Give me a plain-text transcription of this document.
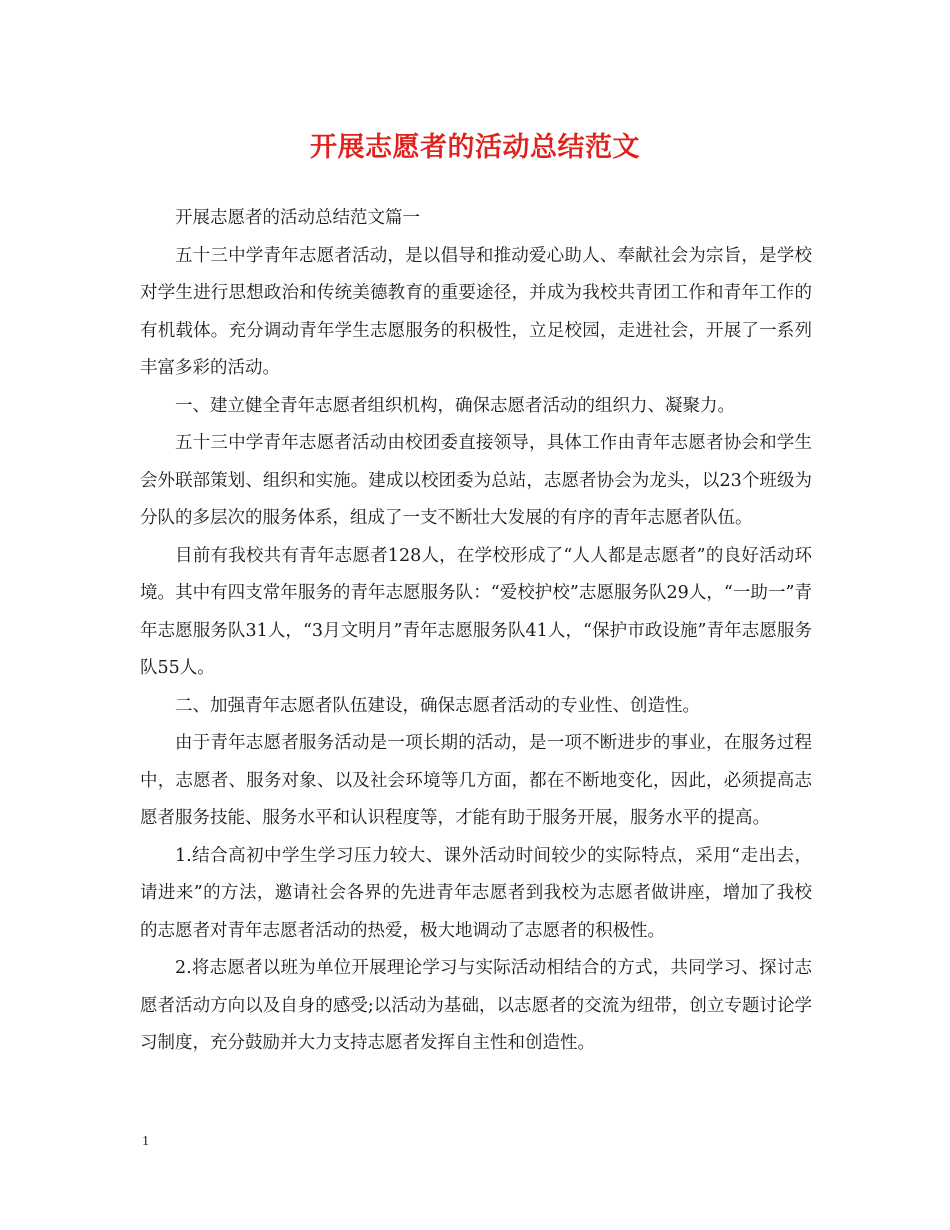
开展志愿者的活动总结范文

开展志愿者的活动总结范文篇一

五十三中学青年志愿者活动，是以倡导和推动爱心助人、奉献社会为宗旨，是学校对学生进行思想政治和传统美德教育的重要途径，并成为我校共青团工作和青年工作的有机载体。充分调动青年学生志愿服务的积极性，立足校园，走进社会，开展了一系列丰富多彩的活动。

一、建立健全青年志愿者组织机构，确保志愿者活动的组织力、凝聚力。

五十三中学青年志愿者活动由校团委直接领导，具体工作由青年志愿者协会和学生会外联部策划、组织和实施。建成以校团委为总站，志愿者协会为龙头，以23个班级为分队的多层次的服务体系，组成了一支不断壮大发展的有序的青年志愿者队伍。

目前有我校共有青年志愿者128人，在学校形成了“人人都是志愿者”的良好活动环境。其中有四支常年服务的青年志愿服务队：“爱校护校”志愿服务队29人，“一助一”青年志愿服务队31人，“3月文明月”青年志愿服务队41人，“保护市政设施”青年志愿服务队55人。

二、加强青年志愿者队伍建设，确保志愿者活动的专业性、创造性。

由于青年志愿者服务活动是一项长期的活动，是一项不断进步的事业，在服务过程中，志愿者、服务对象、以及社会环境等几方面，都在不断地变化，因此，必须提高志愿者服务技能、服务水平和认识程度等，才能有助于服务开展，服务水平的提高。

1.结合高初中学生学习压力较大、课外活动时间较少的实际特点，采用“走出去，请进来”的方法，邀请社会各界的先进青年志愿者到我校为志愿者做讲座，增加了我校的志愿者对青年志愿者活动的热爱，极大地调动了志愿者的积极性。

2.将志愿者以班为单位开展理论学习与实际活动相结合的方式，共同学习、探讨志愿者活动方向以及自身的感受;以活动为基础，以志愿者的交流为纽带，创立专题讨论学习制度，充分鼓励并大力支持志愿者发挥自主性和创造性。

1
